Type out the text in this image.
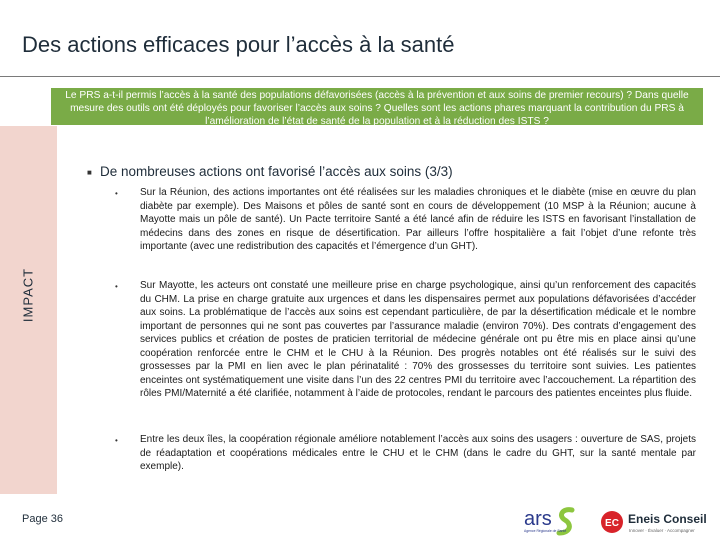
Des actions efficaces pour l’accès à la santé
Le PRS a-t-il permis l’accès à la santé des populations défavorisées (accès à la prévention et aux soins de premier recours) ? Dans quelle mesure des outils ont été déployés pour favoriser l’accès aux soins ? Quelles sont les actions phares marquant la contribution du PRS à l’amélioration de l’état de santé de la population et à la réduction des ISTS ?
IMPACT
■ De nombreuses actions ont favorisé l’accès aux soins (3/3)
• Sur la Réunion, des actions importantes ont été réalisées sur les maladies chroniques et le diabète (mise en œuvre du plan diabète par exemple). Des Maisons et pôles de santé sont en cours de développement (10 MSP à la Réunion; aucune à Mayotte mais un pôle de santé). Un Pacte territoire Santé a été lancé afin de réduire les ISTS en favorisant l’installation de médecins dans des zones en risque de désertification. Par ailleurs l’offre hospitalière a fait l’objet d’une refonte très importante (avec une redistribution des capacités et l’émergence d’un GHT).
• Sur Mayotte, les acteurs ont constaté une meilleure prise en charge psychologique, ainsi qu’un renforcement des capacités du CHM. La prise en charge gratuite aux urgences et dans les dispensaires permet aux populations défavorisées d’accéder aux soins. La problématique de l’accès aux soins est cependant particulière, de par la désertification médicale et le nombre important de personnes qui ne sont pas couvertes par l’assurance maladie (environ 70%). Des contrats d’engagement des services publics et création de postes de praticien territorial de médecine générale ont pu être mis en place ainsi qu’une coopération renforcée entre le CHM et le CHU à la Réunion. Des progrès notables ont été réalisés sur le suivi des grossesses par la PMI en lien avec le plan périnatalité : 70% des grossesses du territoire sont suivies. Les patientes enceintes ont systématiquement une visite dans l’un des 22 centres PMI du territoire avec l’accouchement. La répartition des rôles PMI/Maternité a été clarifiée, notamment à l’aide de protocoles, rendant le parcours des patientes enceintes plus fluide.
• Entre les deux îles, la coopération régionale améliore notablement l’accès aux soins des usagers : ouverture de SAS, projets de réadaptation et coopérations médicales entre le CHU et le CHM (dans le cadre du GHT, sur la santé mentale par exemple).
Page 36	ars
Agence Régionale de Santé
EC Eneis Conseil
Innover · Évaluer · Accompagner
